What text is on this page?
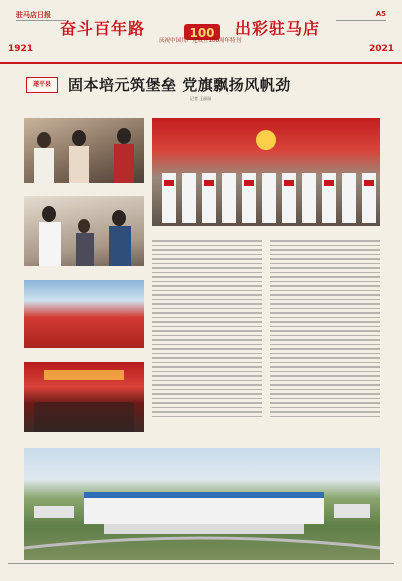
驻马店日报	A5
100
奋斗百年路	出彩驻马店
庆祝中国共产党成立100周年特刊
1921	2021
遂平县	固本培元筑堡垒 党旗飘扬风帆劲
记者 王丽丽
